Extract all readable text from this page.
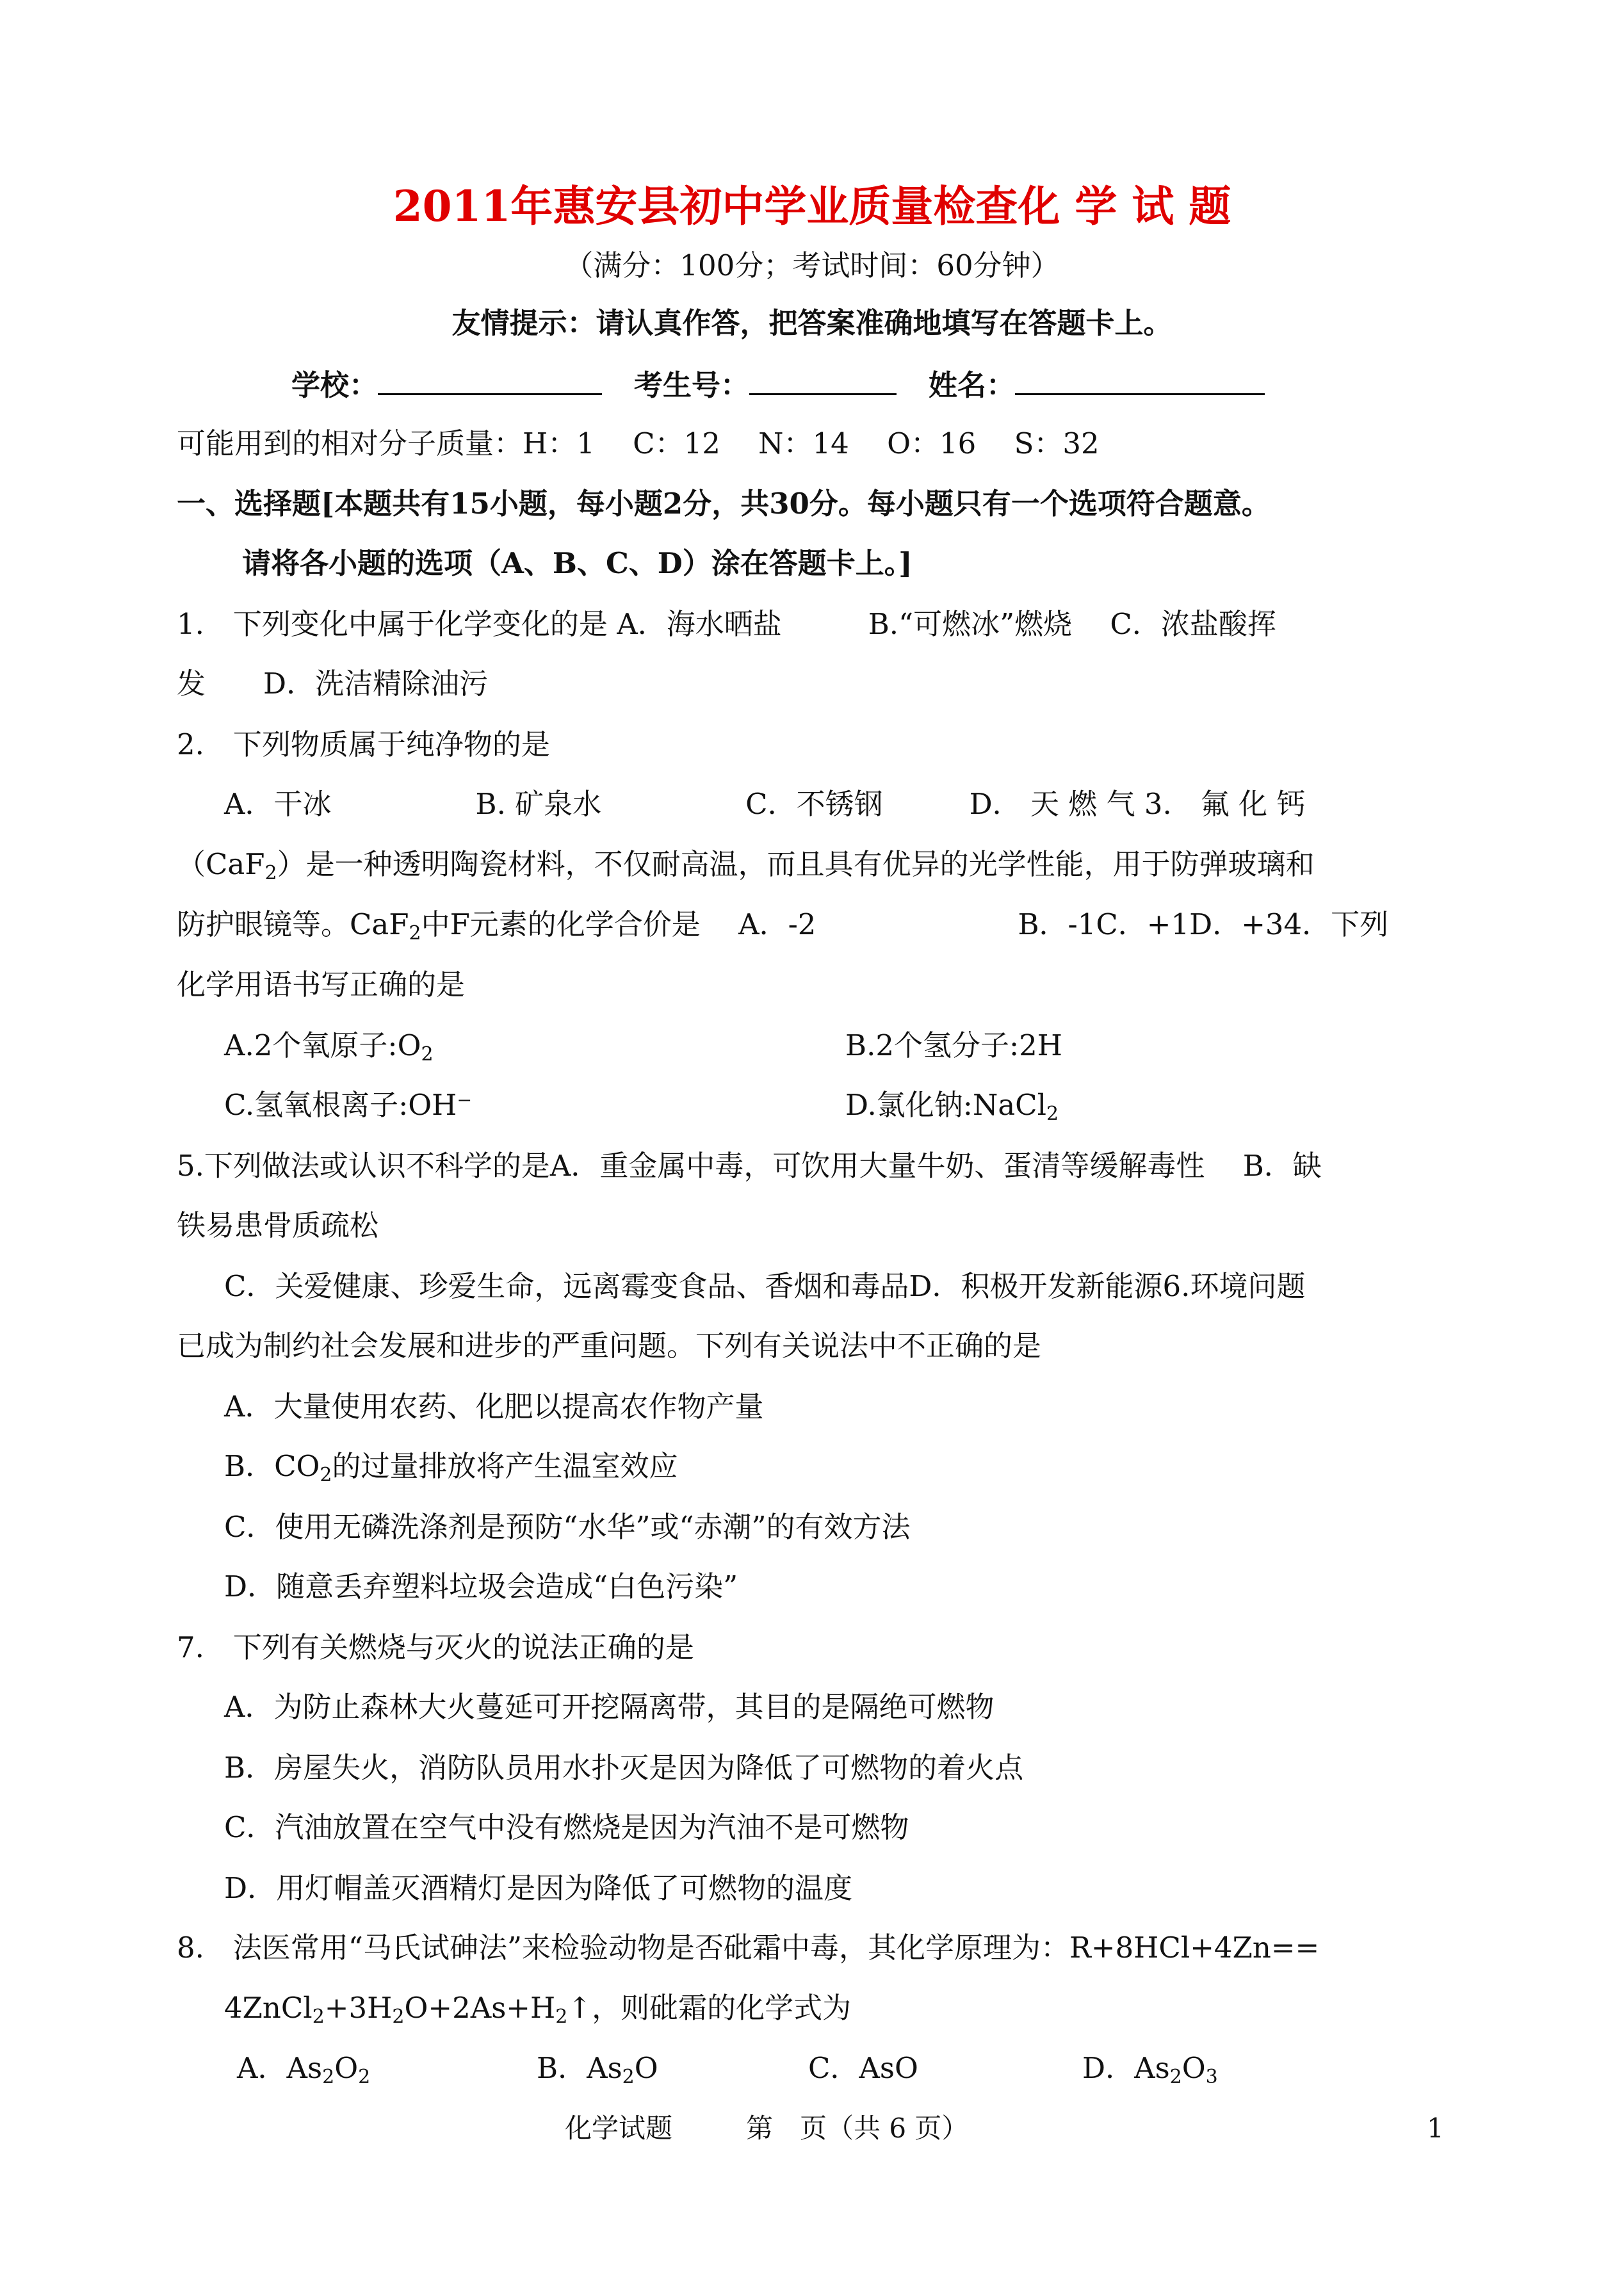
2011年惠安县初中学业质量检查化 学 试 题
（满分：100分；考试时间：60分钟）
友情提示：请认真作答，把答案准确地填写在答题卡上。
学校：	考生号：	姓名：
可能用到的相对分子质量：H：1　 C：12　 N：14　 O：16　 S：32
一、选择题[本题共有15小题，每小题2分，共30分。每小题只有一个选项符合题意。
请将各小题的选项（A、B、C、D）涂在答题卡上。]
1.　下列变化中属于化学变化的是 A．海水晒盐　　　B.“可燃冰”燃烧　 C．浓盐酸挥
发　　D．洗洁精除油污
2.　下列物质属于纯净物的是
A．干冰　　　　　B. 矿泉水　　　　　C．不锈钢　　　D． 天 燃 气 3.　氟 化 钙
（CaF$_2$）是一种透明陶瓷材料，不仅耐高温，而且具有优异的光学性能，用于防弹玻璃和
防护眼镜等。CaF$_2$中F元素的化学合价是　 A．-2　　　　　　　B．-1C．+1D．+34．下列
化学用语书写正确的是
A.2个氧原子$:O_2$	B.2个氢分子:2H
C.氢氧根离子:OH⁻	D.氯化钠:NaCl$_2$
5.下列做法或认识不科学的是A．重金属中毒，可饮用大量牛奶、蛋清等缓解毒性　 B．缺
铁易患骨质疏松
C．关爱健康、珍爱生命，远离霉变食品、香烟和毒品D．积极开发新能源6.环境问题
已成为制约社会发展和进步的严重问题。下列有关说法中不正确的是
A．大量使用农药、化肥以提高农作物产量
B．$CO_2$的过量排放将产生温室效应
C．使用无磷洗涤剂是预防“水华”或“赤潮”的有效方法
D．随意丢弃塑料垃圾会造成“白色污染”
7.　下列有关燃烧与灭火的说法正确的是
A．为防止森林大火蔓延可开挖隔离带，其目的是隔绝可燃物
B．房屋失火，消防队员用水扑灭是因为降低了可燃物的着火点
C．汽油放置在空气中没有燃烧是因为汽油不是可燃物
D．用灯帽盖灭酒精灯是因为降低了可燃物的温度
8.　法医常用“马氏试砷法”来检验动物是否砒霜中毒，其化学原理为：R+8HCl+4Zn==
$4ZnCl_2+3H_2O+2As+H_2↑$，则砒霜的化学式为
A．$As_2O_2$	B．$As_2O$	C．AsO	D．$As_2O_3$
化学试题	第　页（共 6 页）	1
